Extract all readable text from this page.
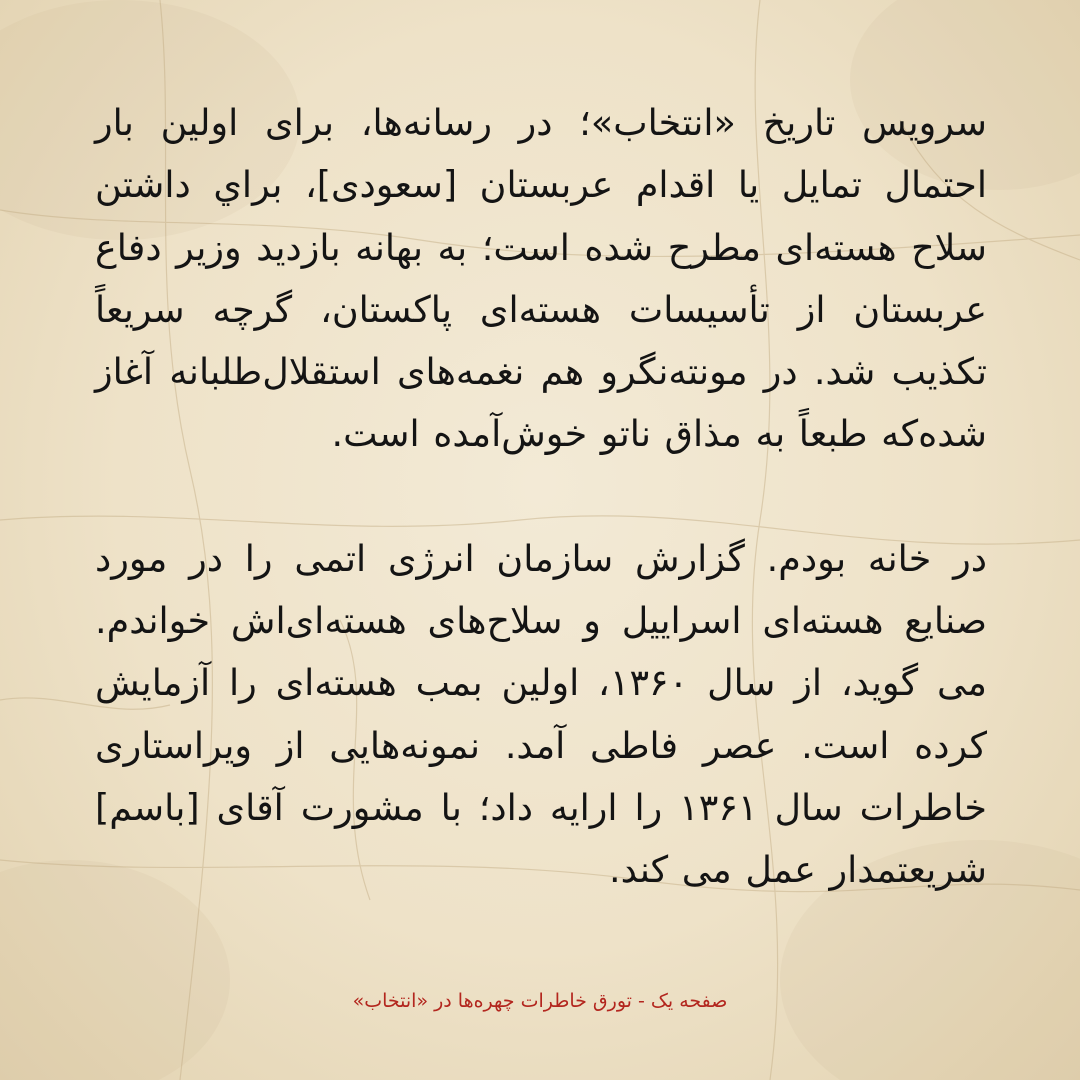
سرویس تاریخ «انتخاب»؛ در رسانه‌ها، برای اولین بار احتمال تمایل یا اقدام عربستان [سعودی]، براي داشتن سلاح هسته‌ای مطرح شده است؛ به بهانه بازدید وزیر دفاع عربستان از تأسیسات هسته‌ای پاکستان، گرچه سریعاً تکذیب شد. در مونته‌نگرو هم نغمه‌های استقلال‌طلبانه آغاز شده‌که طبعاً به مذاق ناتو خوش‌آمده است.

در خانه بودم. گزارش سازمان انرژی اتمی را در مورد صنایع هسته‌ای اسراییل و سلاح‌های هسته‌ای‌اش خواندم. می گوید، از سال ۱۳۶۰، اولین بمب هسته‌ای را آزمایش کرده است. عصر فاطی آمد. نمونه‌هایی از ویراستاری خاطرات سال ۱۳۶۱ را ارایه داد؛ با مشورت آقای [باسم] شریعتمدار عمل می کند.

صفحه یک - تورق خاطرات چهره‌ها در «انتخاب»
